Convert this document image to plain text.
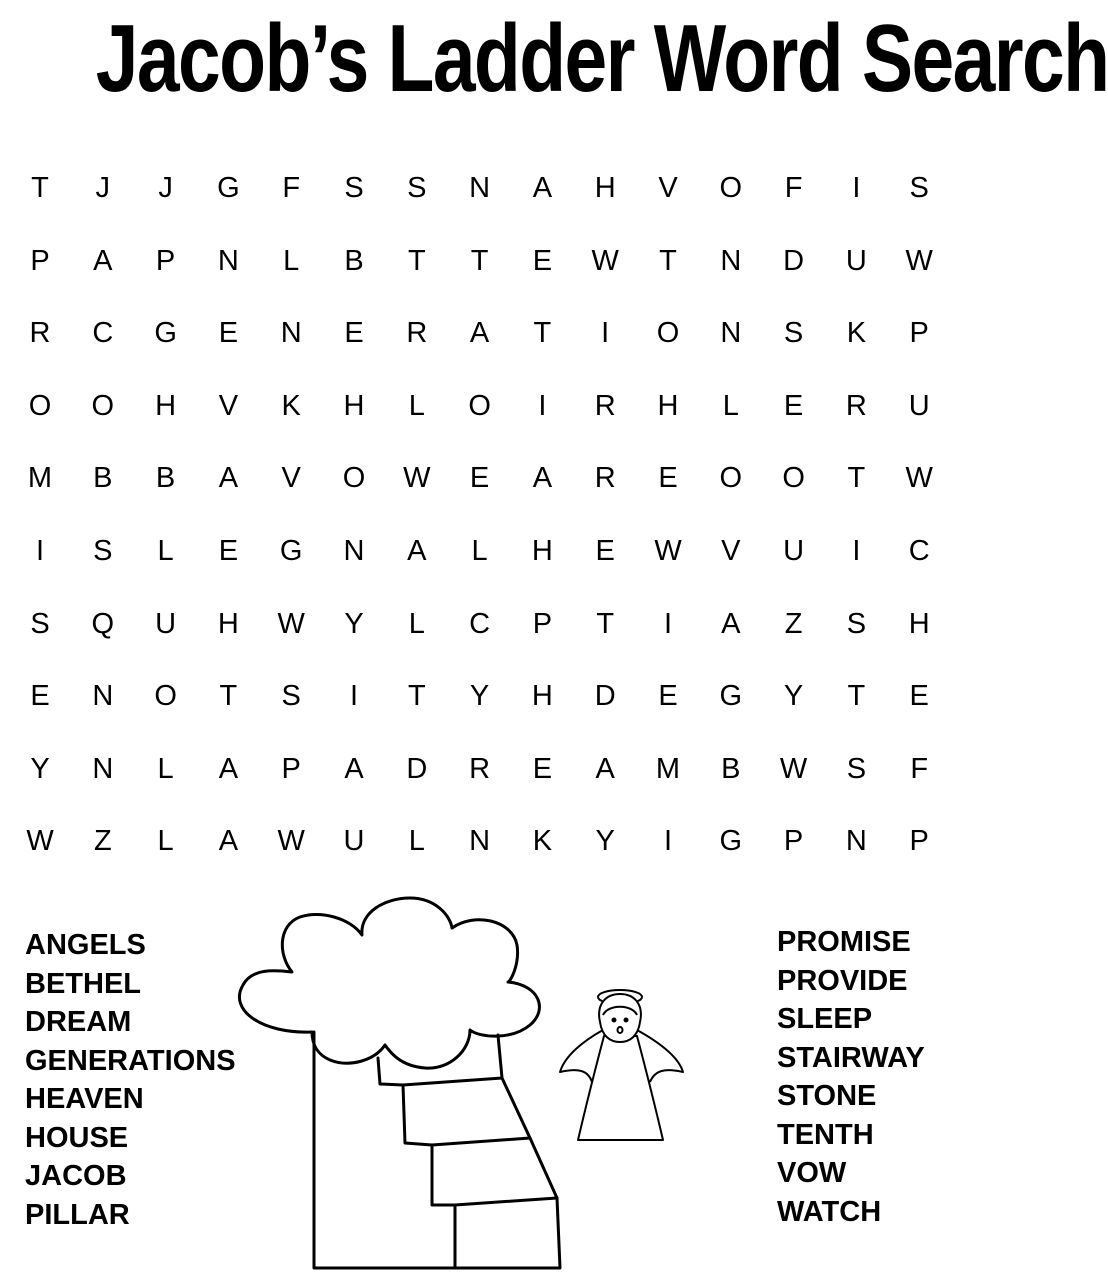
Jacob’s Ladder Word Search
T	J	J	G	F	S	S	N	A	H	V	O	F	I	S
P	A	P	N	L	B	T	T	E	W	T	N	D	U	W
R	C	G	E	N	E	R	A	T	I	O	N	S	K	P
O	O	H	V	K	H	L	O	I	R	H	L	E	R	U
M	B	B	A	V	O	W	E	A	R	E	O	O	T	W
I	S	L	E	G	N	A	L	H	E	W	V	U	I	C
S	Q	U	H	W	Y	L	C	P	T	I	A	Z	S	H
E	N	O	T	S	I	T	Y	H	D	E	G	Y	T	E
Y	N	L	A	P	A	D	R	E	A	M	B	W	S	F
W	Z	L	A	W	U	L	N	K	Y	I	G	P	N	P
ANGELS
BETHEL
DREAM
GENERATIONS
HEAVEN
HOUSE
JACOB
PILLAR
PROMISE
PROVIDE
SLEEP
STAIRWAY
STONE
TENTH
VOW
WATCH
